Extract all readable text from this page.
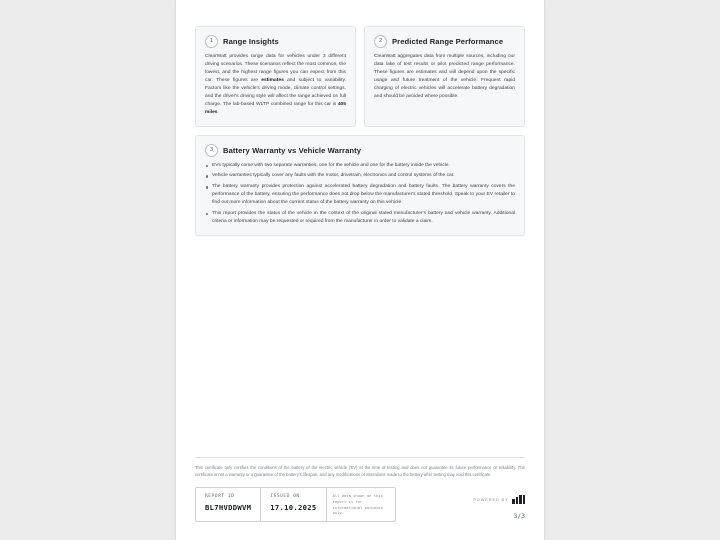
1	Range Insights

ClearWatt provides range data for vehicles under 3 different driving scenarios. These scenarios reflect the most common, the lowest, and the highest range figures you can expect from this car. These figures are estimates and subject to variability. Factors like the vehicle's driving mode, climate control settings, and the driver's driving style will affect the range achieved on full charge. The lab-based WLTP combined range for this car is 405 miles.

2	Predicted Range Performance

ClearWatt aggregates data from multiple sources, including our data lake of test results or pilot predicted range performance. These figures are estimates and will depend upon the specific usage and future treatment of the vehicle. Frequent rapid charging of electric vehicles will accelerate battery degradation and should be avoided where possible.

3	Battery Warranty vs Vehicle Warranty
EVs typically come with two separate warranties, one for the vehicle and one for the battery inside the vehicle.
Vehicle warranties typically cover any faults with the motor, drivetrain, electronics and control systems of the car.
The battery warranty provides protection against accelerated battery degradation and battery faults. The battery warranty covers the performance of the battery, ensuring the performance does not drop below the manufacturer's stated threshold. Speak to your EV retailer to find out more information about the current status of the battery warranty on this vehicle.
This report provides the status of the vehicle in the context of the original stated manufacturer's battery and vehicle warranty. Additional criteria or information may be requested or required from the manufacturer in order to validate a claim.
This certificate only certifies the conditions of the battery of the electric vehicle (EV) at the time of testing and does not guarantee its future performance or reliability. The certificate is not a warranty or a guarantee of the battery's lifespan, and any modifications or alterations made to the battery after testing may void this certificate.
REPORT ID
BL7HVDDWVM
ISSUED ON
17.10.2025
All data shown on this report is for informational purposes only.
POWERED BY
3/3
